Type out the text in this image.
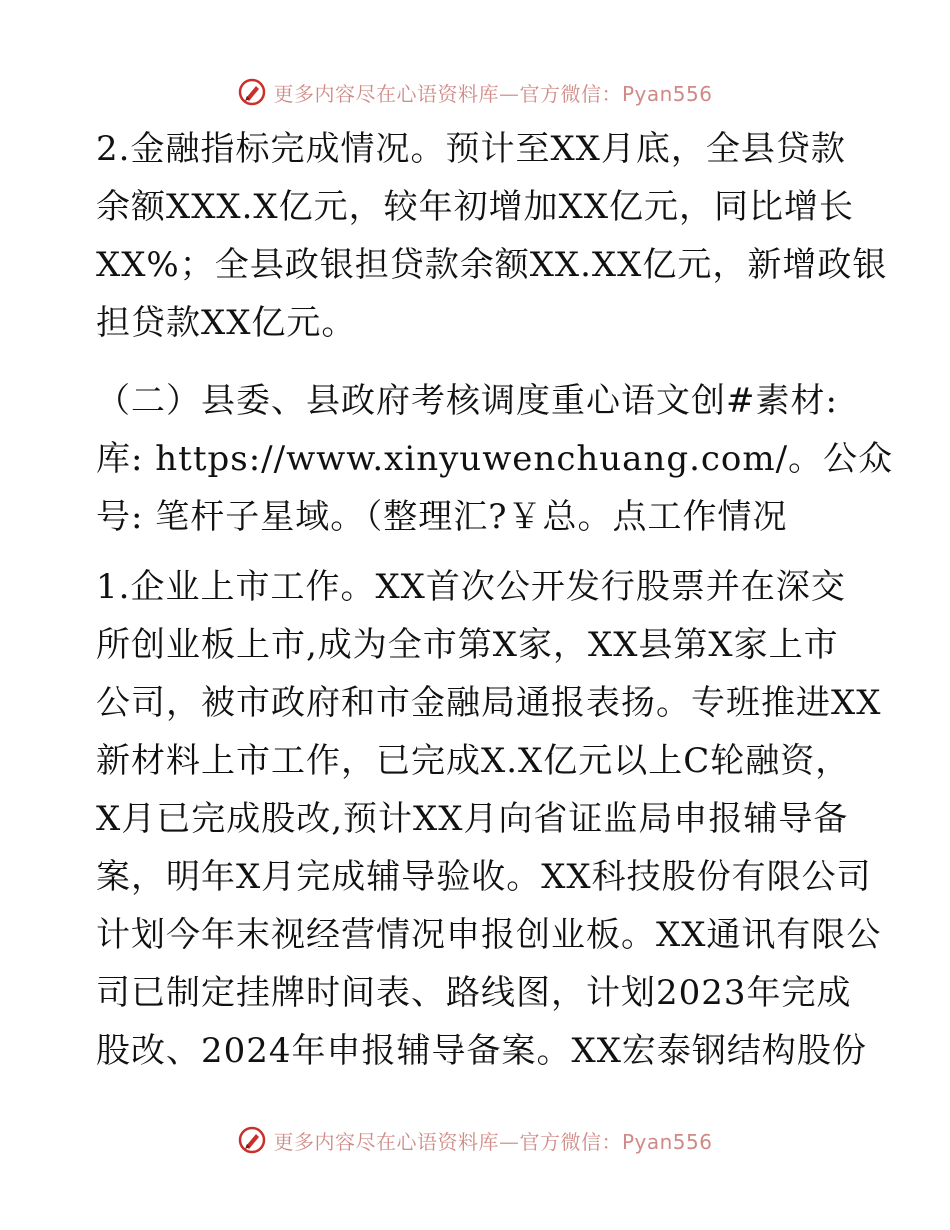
更多内容尽在心语资料库—官方微信：Pyan556
2.金融指标完成情况。预计至XX月底，全县贷款
余额XXX.X亿元，较年初增加XX亿元，同比增长
XX%；全县政银担贷款余额XX.XX亿元，新增政银
担贷款XX亿元。
（二）县委、县政府考核调度重心语文创#素材:
库: https://www.xinyuwenchuang.com/。公众
号: 笔杆子星域。（整理汇?￥总。点工作情况
1.企业上市工作。XX首次公开发行股票并在深交
所创业板上市,成为全市第X家，XX县第X家上市
公司，被市政府和市金融局通报表扬。专班推进XX
新材料上市工作，已完成X.X亿元以上C轮融资，
X月已完成股改,预计XX月向省证监局申报辅导备
案，明年X月完成辅导验收。XX科技股份有限公司
计划今年末视经营情况申报创业板。XX通讯有限公
司已制定挂牌时间表、路线图，计划2023年完成
股改、2024年申报辅导备案。XX宏泰钢结构股份
更多内容尽在心语资料库—官方微信：Pyan556
